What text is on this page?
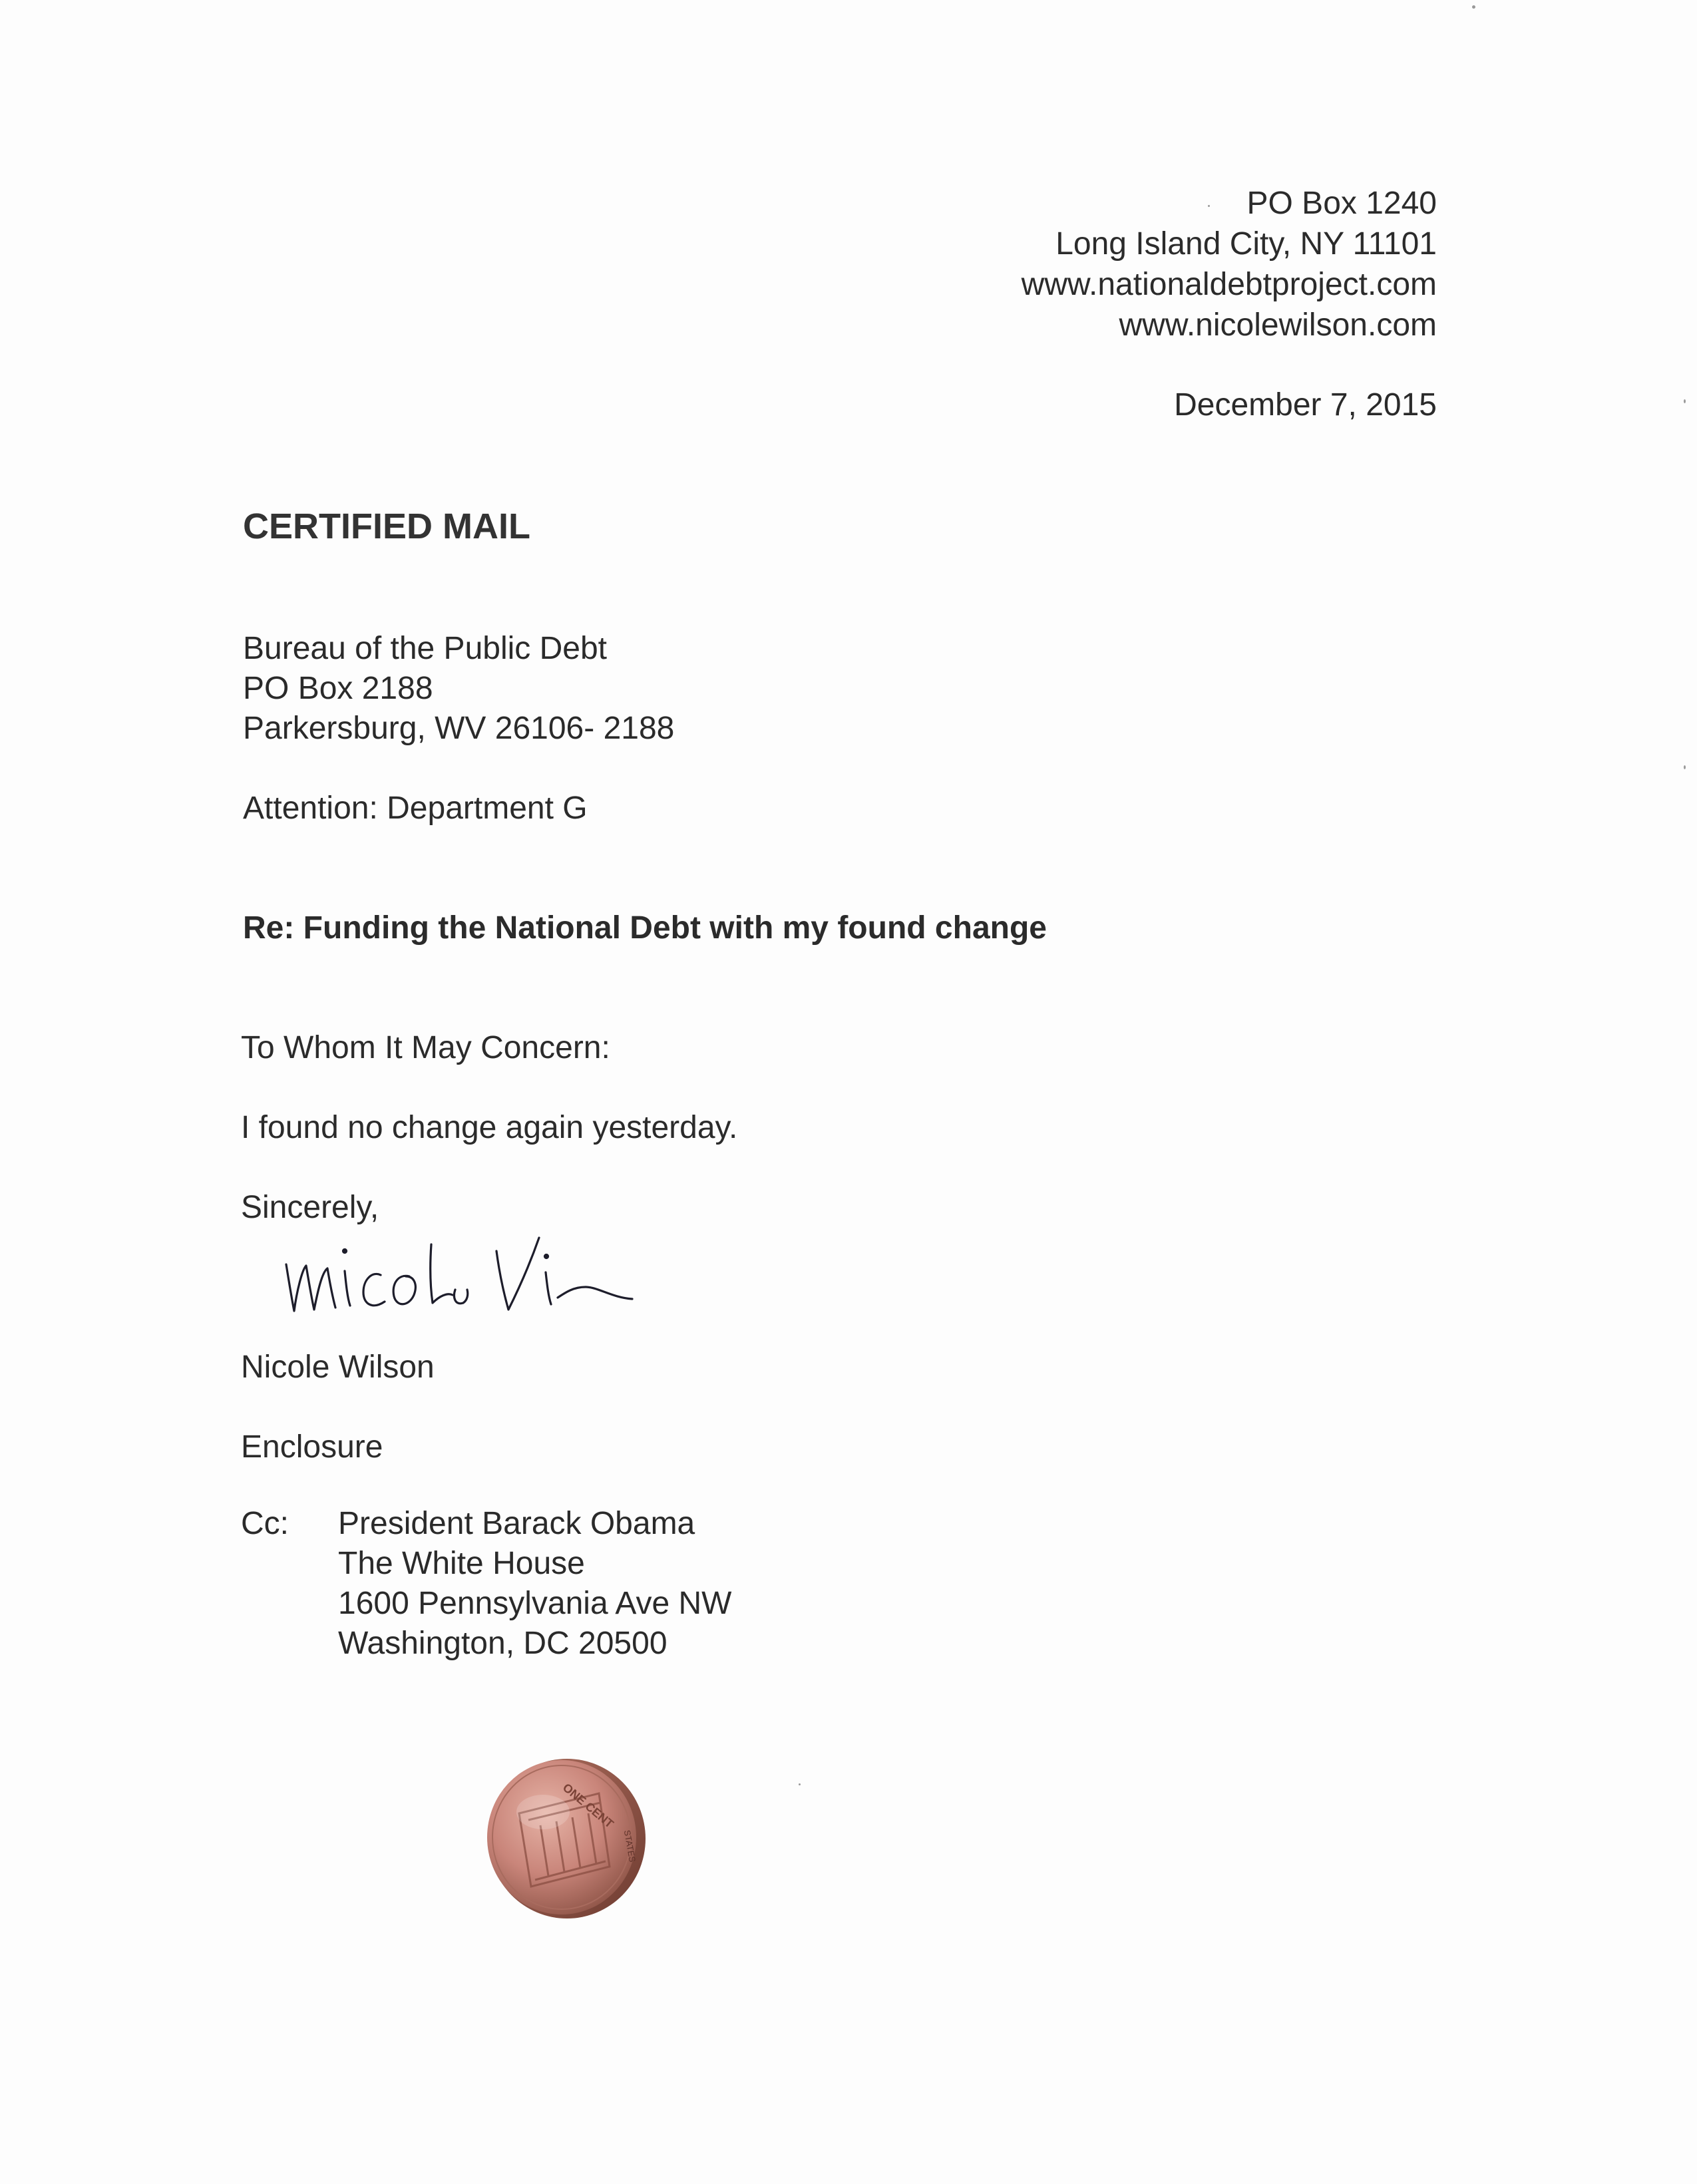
PO Box 1240
Long Island City, NY 11101
www.nationaldebtproject.com
www.nicolewilson.com
December 7, 2015
CERTIFIED MAIL
Bureau of the Public Debt
PO Box 2188
Parkersburg, WV 26106- 2188
Attention: Department G
Re: Funding the National Debt with my found change
To Whom It May Concern:
I found no change again yesterday.
Sincerely,
Nicole Wilson
Enclosure
Cc: President Barack Obama
The White House
1600 Pennsylvania Ave NW
Washington, DC 20500
ONE CENT
STATES
